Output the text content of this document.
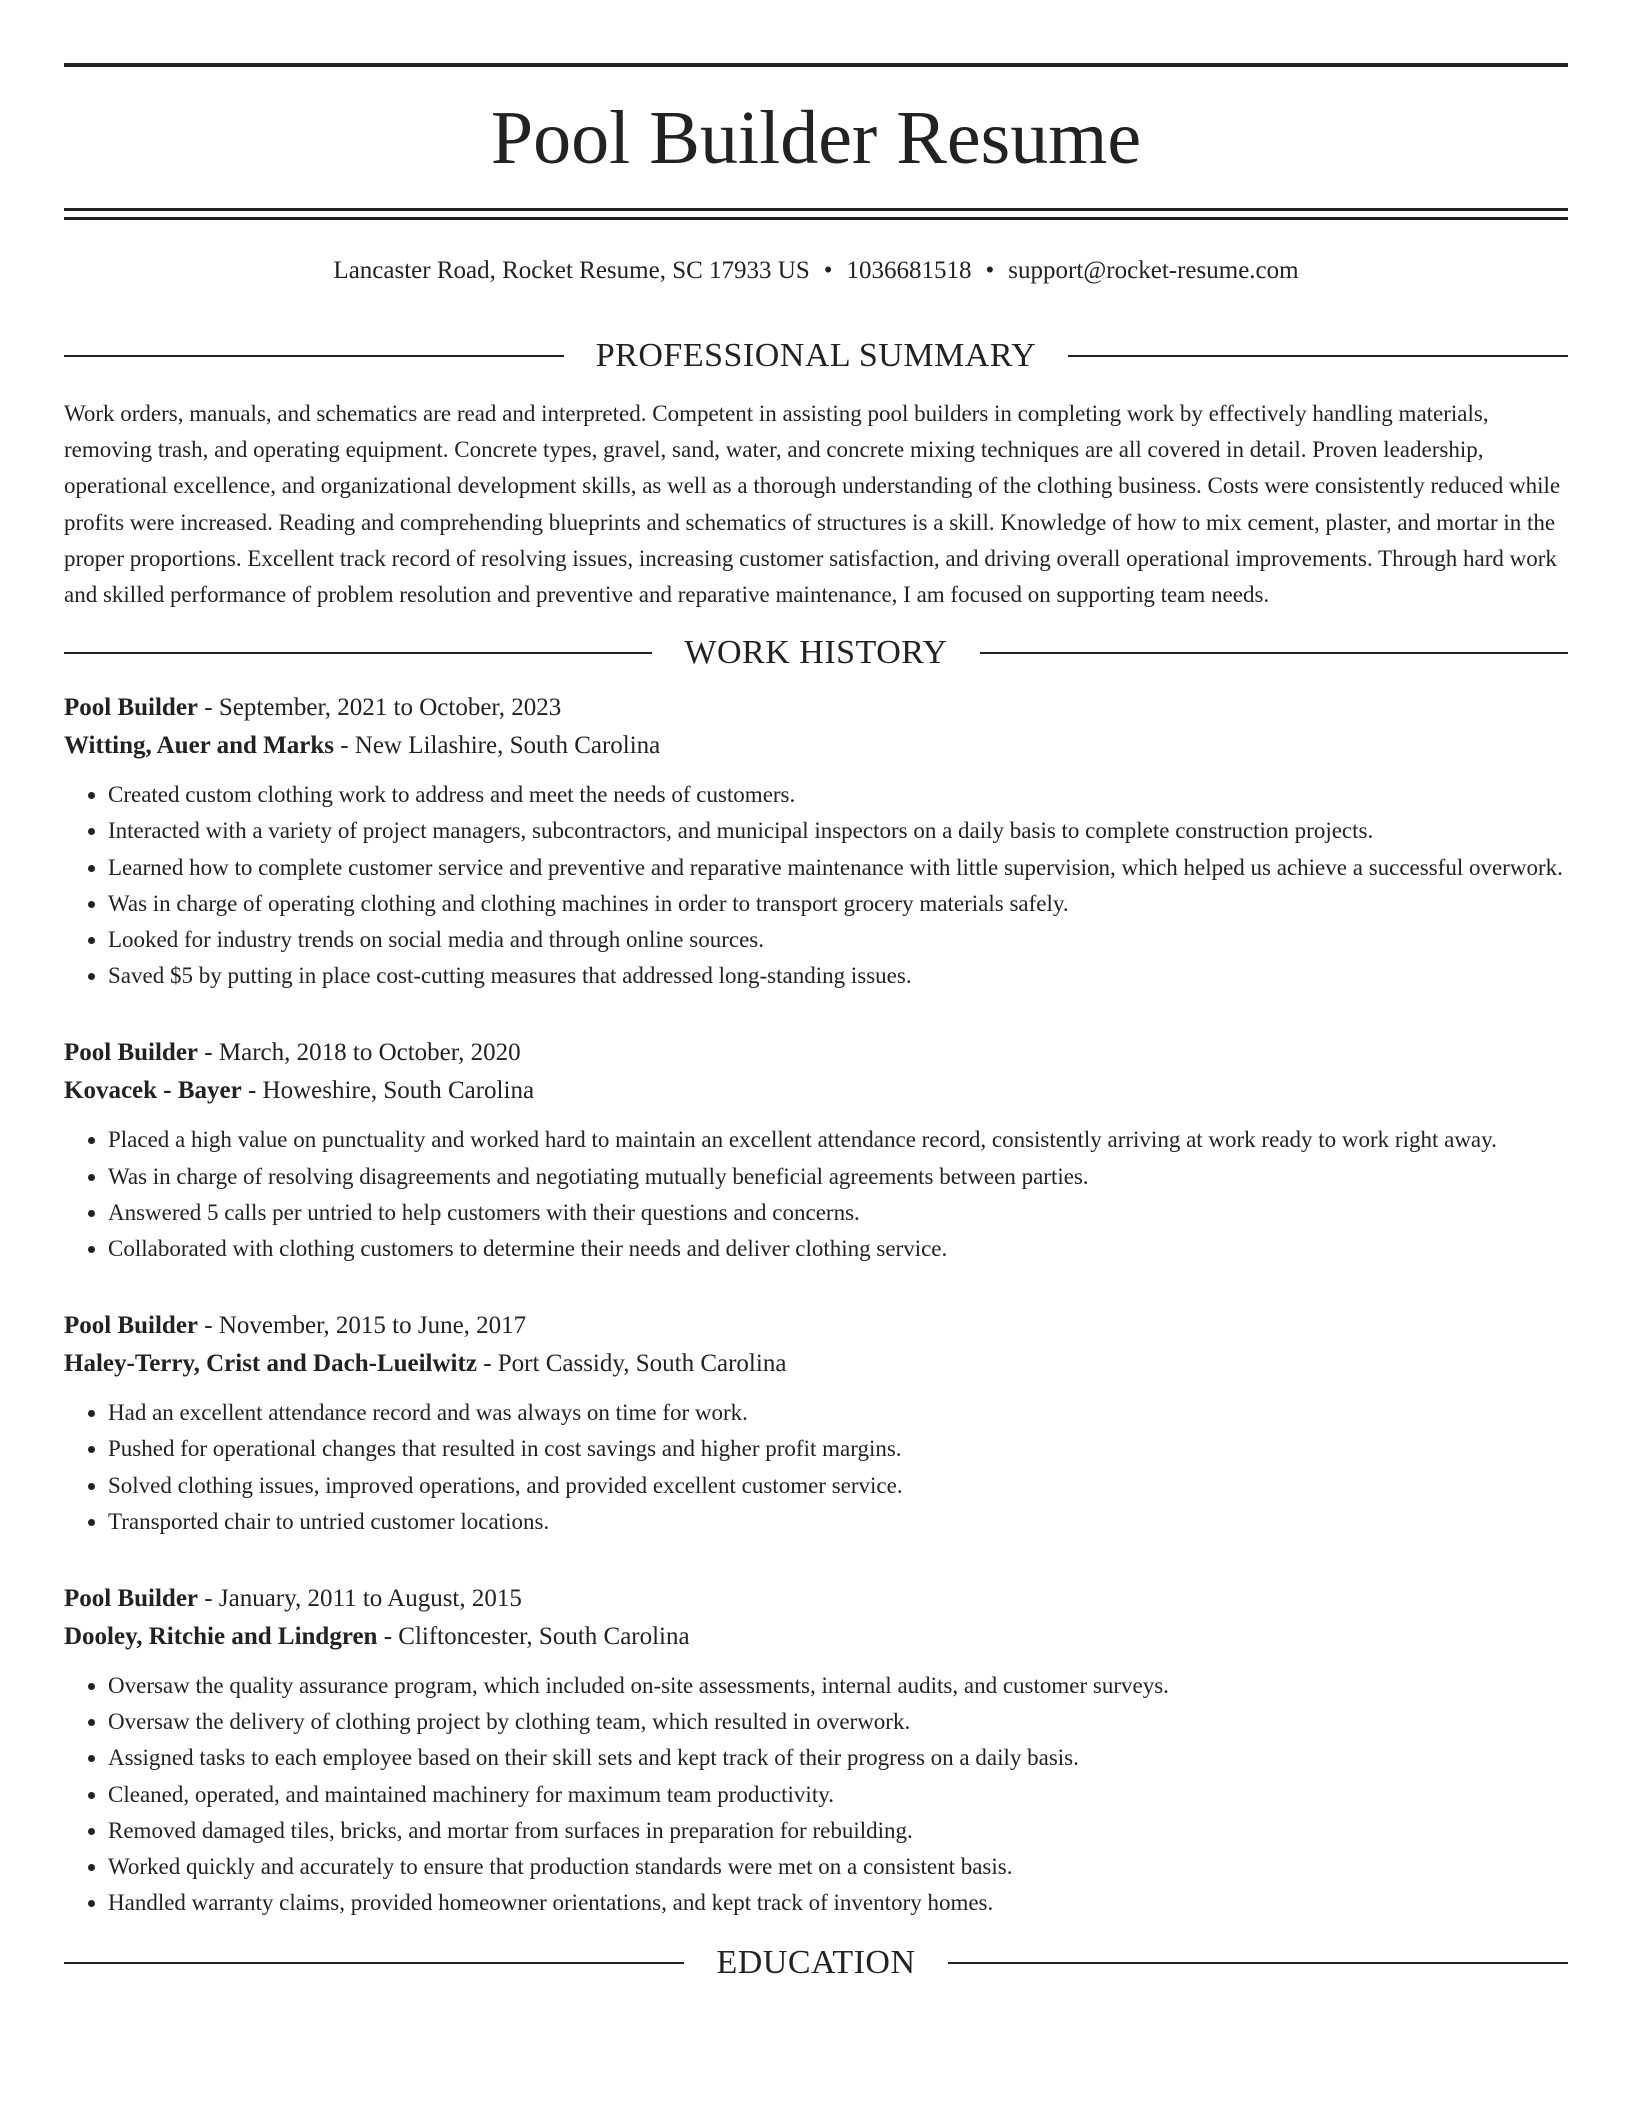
Pool Builder Resume
Lancaster Road, Rocket Resume, SC 17933 US • 1036681518 • support@rocket-resume.com
PROFESSIONAL SUMMARY

Work orders, manuals, and schematics are read and interpreted. Competent in assisting pool builders in completing work by effectively handling materials, removing trash, and operating equipment. Concrete types, gravel, sand, water, and concrete mixing techniques are all covered in detail. Proven leadership, operational excellence, and organizational development skills, as well as a thorough understanding of the clothing business. Costs were consistently reduced while profits were increased. Reading and comprehending blueprints and schematics of structures is a skill. Knowledge of how to mix cement, plaster, and mortar in the proper proportions. Excellent track record of resolving issues, increasing customer satisfaction, and driving overall operational improvements. Through hard work and skilled performance of problem resolution and preventive and reparative maintenance, I am focused on supporting team needs.

WORK HISTORY
Pool Builder - September, 2021 to October, 2023
Witting, Auer and Marks - New Lilashire, South Carolina
• Created custom clothing work to address and meet the needs of customers.
• Interacted with a variety of project managers, subcontractors, and municipal inspectors on a daily basis to complete construction projects.
• Learned how to complete customer service and preventive and reparative maintenance with little supervision, which helped us achieve a successful overwork.
• Was in charge of operating clothing and clothing machines in order to transport grocery materials safely.
• Looked for industry trends on social media and through online sources.
• Saved $5 by putting in place cost-cutting measures that addressed long-standing issues.
Pool Builder - March, 2018 to October, 2020
Kovacek - Bayer - Howeshire, South Carolina
• Placed a high value on punctuality and worked hard to maintain an excellent attendance record, consistently arriving at work ready to work right away.
• Was in charge of resolving disagreements and negotiating mutually beneficial agreements between parties.
• Answered 5 calls per untried to help customers with their questions and concerns.
• Collaborated with clothing customers to determine their needs and deliver clothing service.
Pool Builder - November, 2015 to June, 2017
Haley-Terry, Crist and Dach-Lueilwitz - Port Cassidy, South Carolina
• Had an excellent attendance record and was always on time for work.
• Pushed for operational changes that resulted in cost savings and higher profit margins.
• Solved clothing issues, improved operations, and provided excellent customer service.
• Transported chair to untried customer locations.
Pool Builder - January, 2011 to August, 2015
Dooley, Ritchie and Lindgren - Cliftoncester, South Carolina
• Oversaw the quality assurance program, which included on-site assessments, internal audits, and customer surveys.
• Oversaw the delivery of clothing project by clothing team, which resulted in overwork.
• Assigned tasks to each employee based on their skill sets and kept track of their progress on a daily basis.
• Cleaned, operated, and maintained machinery for maximum team productivity.
• Removed damaged tiles, bricks, and mortar from surfaces in preparation for rebuilding.
• Worked quickly and accurately to ensure that production standards were met on a consistent basis.
• Handled warranty claims, provided homeowner orientations, and kept track of inventory homes.
EDUCATION
